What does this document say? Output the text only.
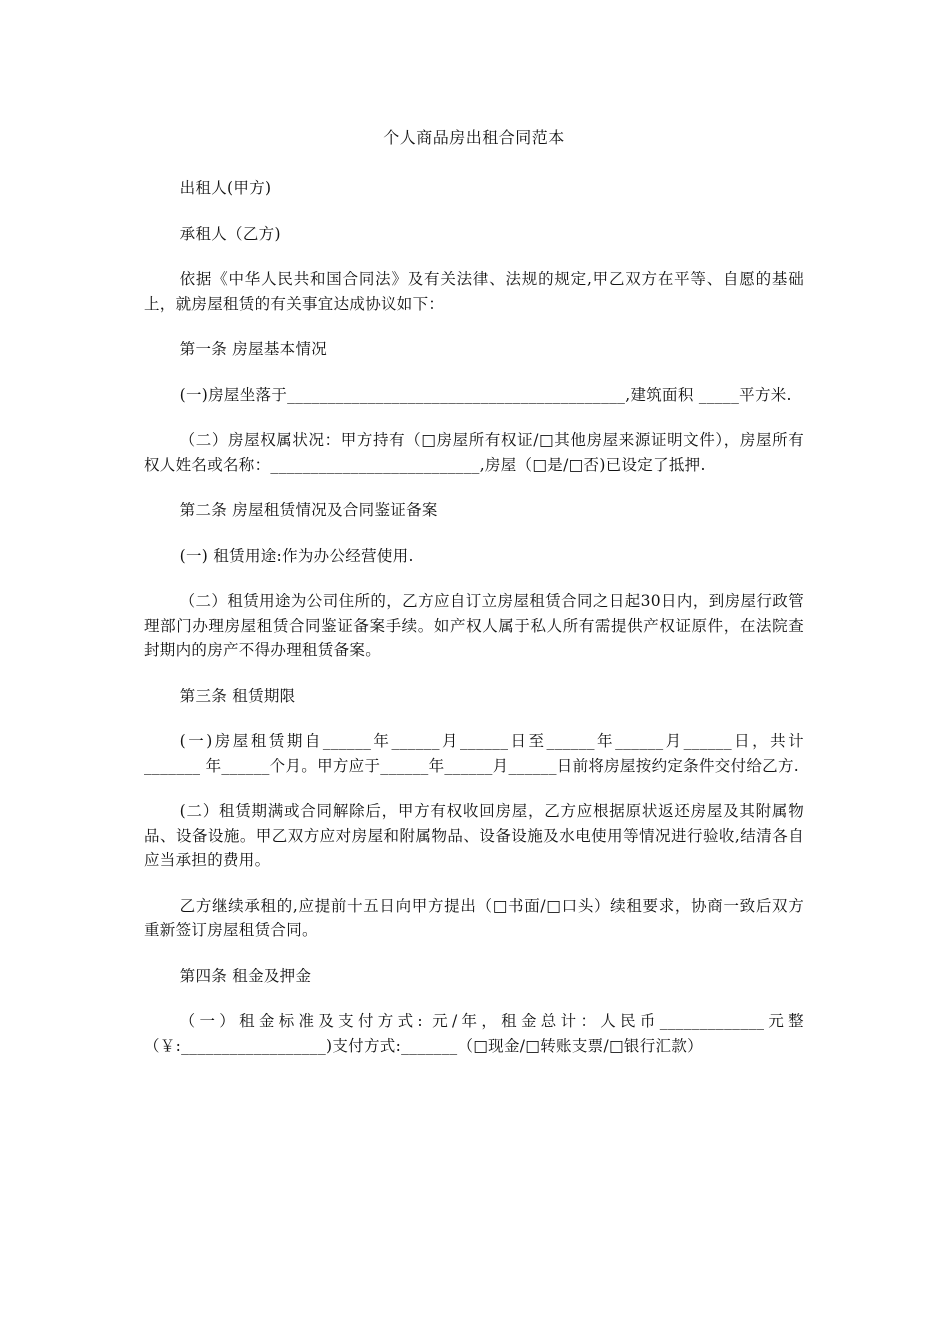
个人商品房出租合同范本

出租人(甲方)

承租人（乙方)

依据《中华人民共和国合同法》及有关法律、法规的规定,甲乙双方在平等、自愿的基础上，就房屋租赁的有关事宜达成协议如下：

第一条 房屋基本情况

(一)房屋坐落于__________________________________________,建筑面积 _____平方米.

（二）房屋权属状况：甲方持有（□房屋所有权证/□其他房屋来源证明文件），房屋所有权人姓名或名称：__________________________,房屋（□是/□否)已设定了抵押.

第二条 房屋租赁情况及合同鉴证备案

(一) 租赁用途:作为办公经营使用.

（二）租赁用途为公司住所的，乙方应自订立房屋租赁合同之日起30日内，到房屋行政管理部门办理房屋租赁合同鉴证备案手续。如产权人属于私人所有需提供产权证原件，在法院查封期内的房产不得办理租赁备案。

第三条 租赁期限

(一)房屋租赁期自______年______月______日至______年______月______日，共计_______ 年______个月。甲方应于______年______月______日前将房屋按约定条件交付给乙方.

(二）租赁期满或合同解除后，甲方有权收回房屋，乙方应根据原状返还房屋及其附属物品、设备设施。甲乙双方应对房屋和附属物品、设备设施及水电使用等情况进行验收,结清各自应当承担的费用。

乙方继续承租的,应提前十五日向甲方提出（□书面/□口头）续租要求，协商一致后双方重新签订房屋租赁合同。

第四条 租金及押金

（一）租金标准及支付方式: 元/年，租金总计：人民币_____________元整（￥:__________________)支付方式:_______（□现金/□转账支票/□银行汇款）
